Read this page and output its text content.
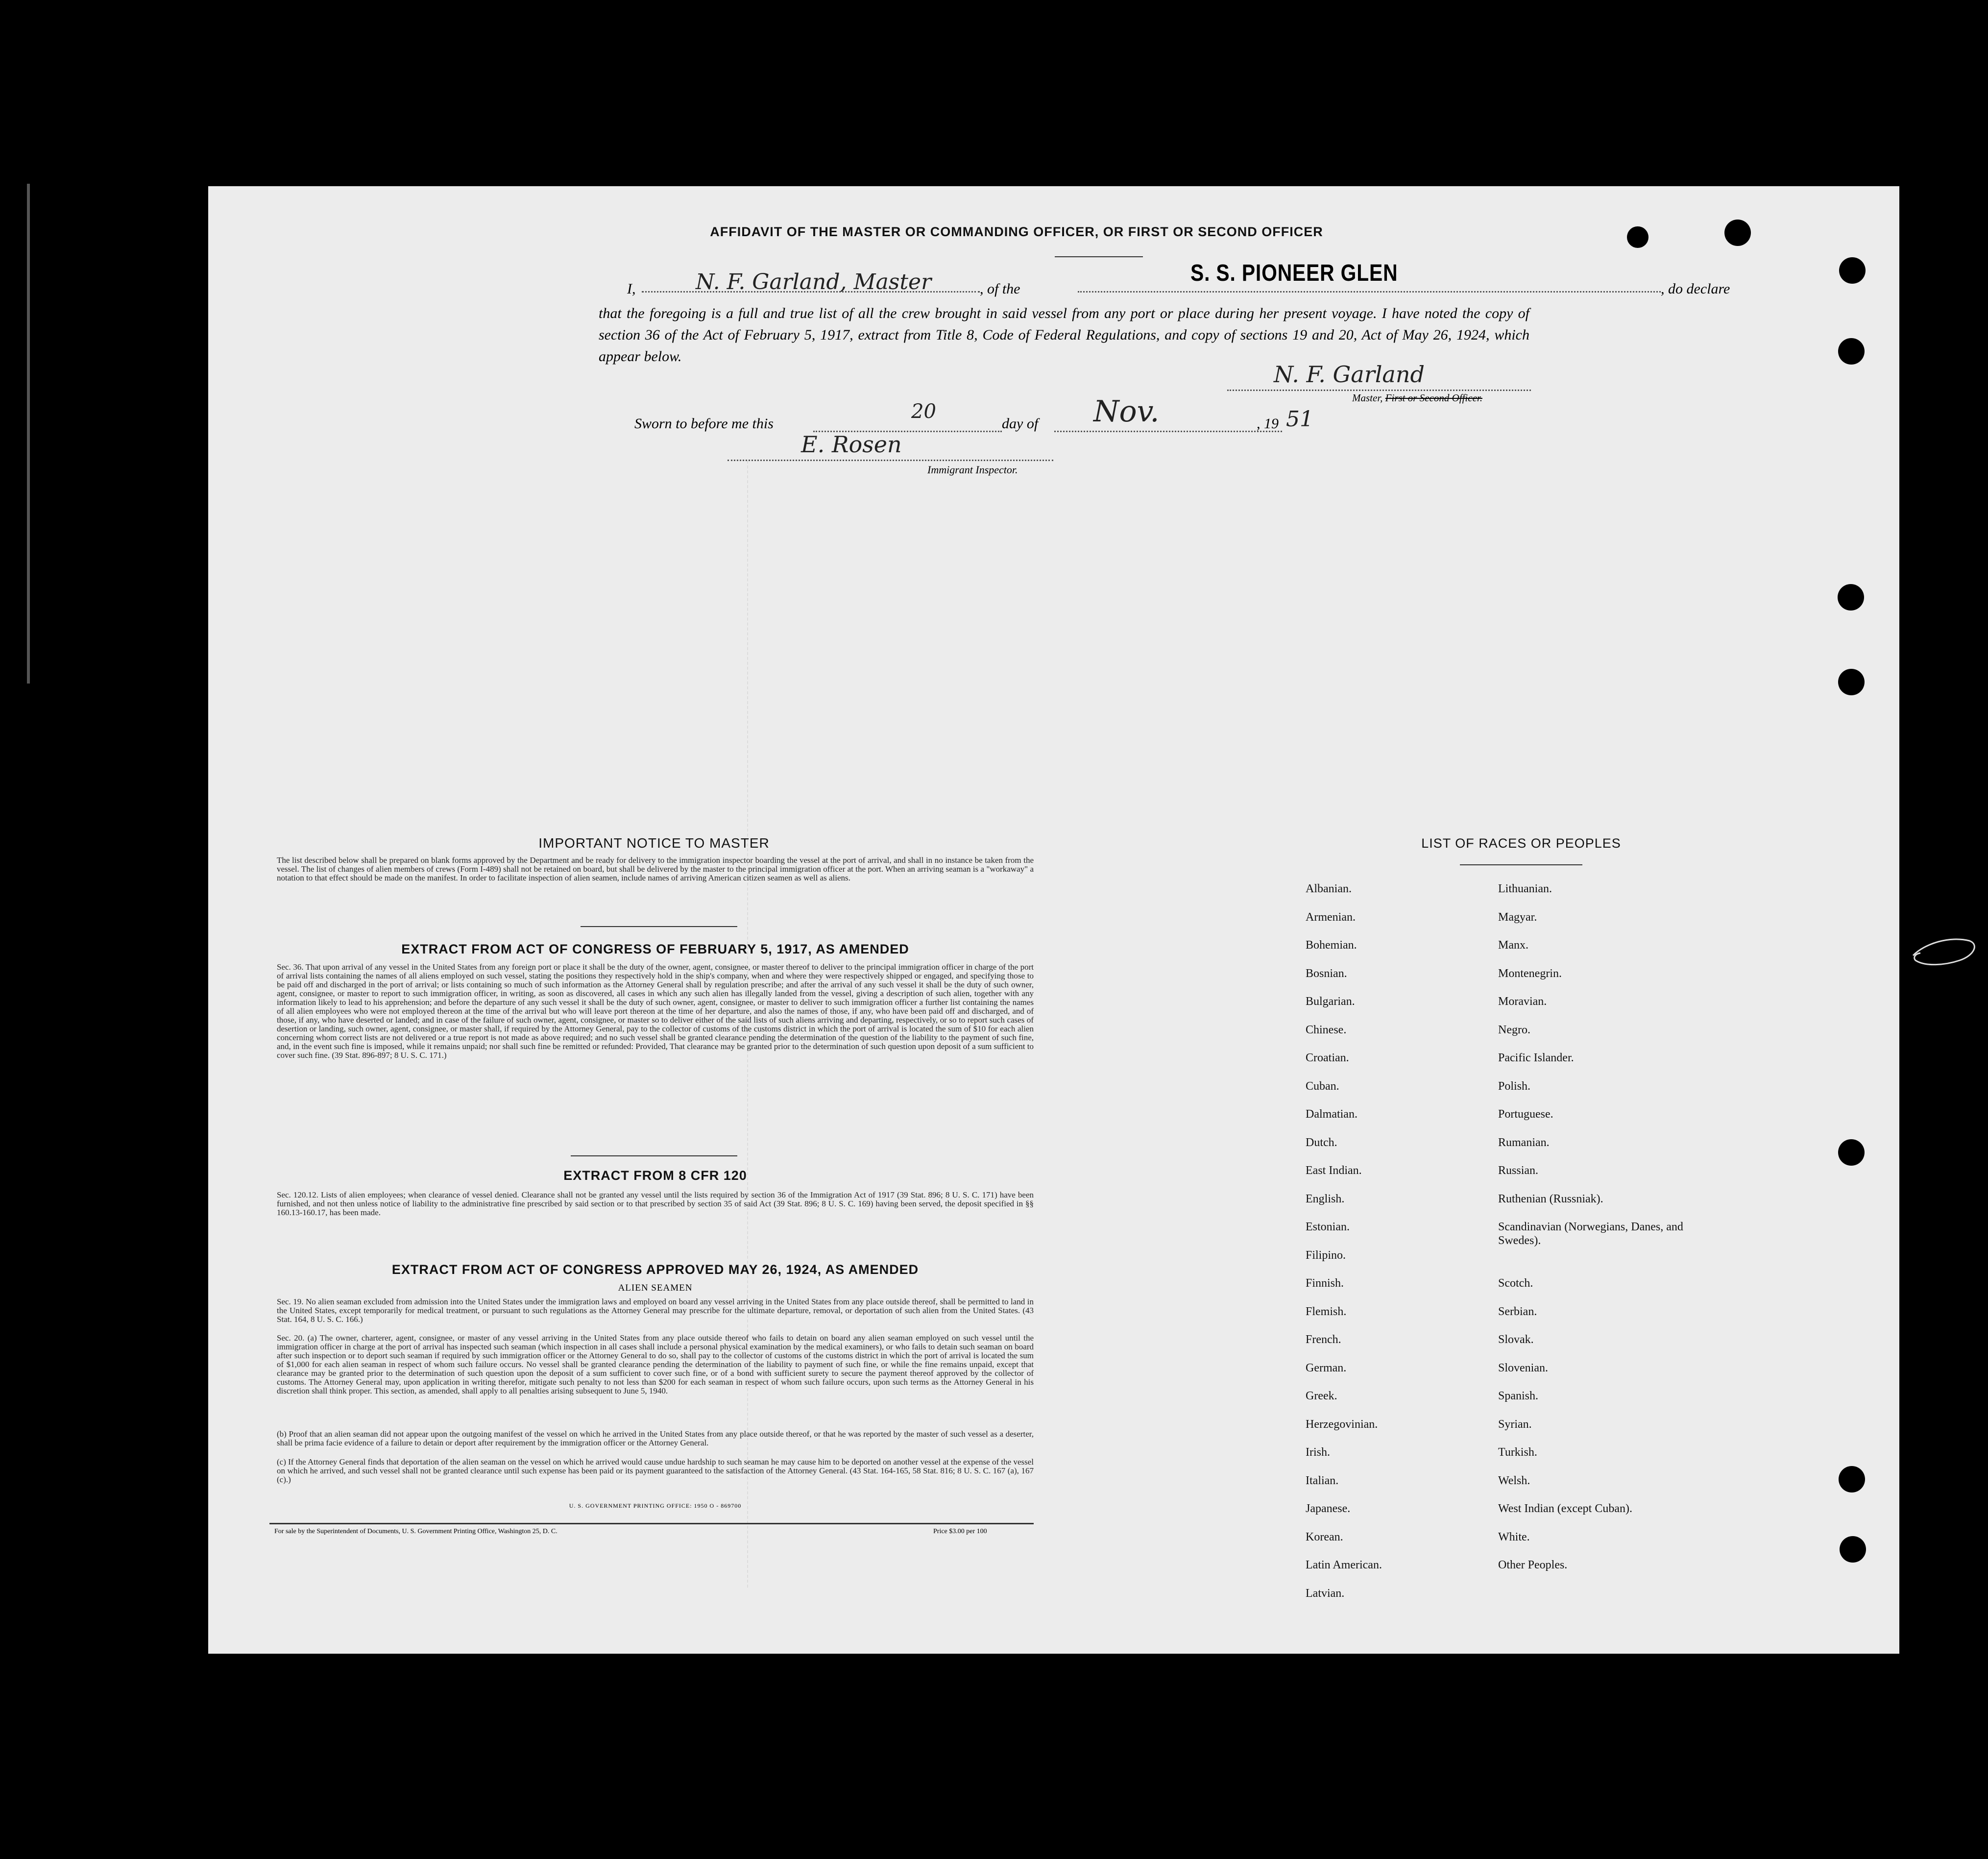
AFFIDAVIT OF THE MASTER OR COMMANDING OFFICER, OR FIRST OR SECOND OFFICER
I,	N. F. Garland, Master	, of the
S. S. PIONEER GLEN
, do declare
that the foregoing is a full and true list of all the crew brought in said vessel from any port or place during her present voyage. I have noted the copy of section 36 of the Act of February 5, 1917, extract from Title 8, Code of Federal Regulations, and copy of sections 19 and 20, Act of May 26, 1924, which appear below.
N. F. Garland
Master, First or Second Officer.
Sworn to before me this
20
day of Nov.	, 19 51
E. Rosen
Immigrant Inspector.
IMPORTANT NOTICE TO MASTER
The list described below shall be prepared on blank forms approved by the Department and be ready for delivery to the immigration inspector boarding the vessel at the port of arrival, and shall in no instance be taken from the vessel. The list of changes of alien members of crews (Form I-489) shall not be retained on board, but shall be delivered by the master to the principal immigration officer at the port. When an arriving seaman is a "workaway" a notation to that effect should be made on the manifest. In order to facilitate inspection of alien seamen, include names of arriving American citizen seamen as well as aliens.
EXTRACT FROM ACT OF CONGRESS OF FEBRUARY 5, 1917, AS AMENDED
Sec. 36. That upon arrival of any vessel in the United States from any foreign port or place it shall be the duty of the owner, agent, consignee, or master thereof to deliver to the principal immigration officer in charge of the port of arrival lists containing the names of all aliens employed on such vessel, stating the positions they respectively hold in the ship's company, when and where they were respectively shipped or engaged, and specifying those to be paid off and discharged in the port of arrival; or lists containing so much of such information as the Attorney General shall by regulation prescribe; and after the arrival of any such vessel it shall be the duty of such owner, agent, consignee, or master to report to such immigration officer, in writing, as soon as discovered, all cases in which any such alien has illegally landed from the vessel, giving a description of such alien, together with any information likely to lead to his apprehension; and before the departure of any such vessel it shall be the duty of such owner, agent, consignee, or master to deliver to such immigration officer a further list containing the names of all alien employees who were not employed thereon at the time of the arrival but who will leave port thereon at the time of her departure, and also the names of those, if any, who have been paid off and discharged, and of those, if any, who have deserted or landed; and in case of the failure of such owner, agent, consignee, or master so to deliver either of the said lists of such aliens arriving and departing, respectively, or so to report such cases of desertion or landing, such owner, agent, consignee, or master shall, if required by the Attorney General, pay to the collector of customs of the customs district in which the port of arrival is located the sum of $10 for each alien concerning whom correct lists are not delivered or a true report is not made as above required; and no such vessel shall be granted clearance pending the determination of the question of the liability to the payment of such fine, and, in the event such fine is imposed, while it remains unpaid; nor shall such fine be remitted or refunded: Provided, That clearance may be granted prior to the determination of such question upon deposit of a sum sufficient to cover such fine. (39 Stat. 896-897; 8 U. S. C. 171.)
EXTRACT FROM 8 CFR 120
Sec. 120.12. Lists of alien employees; when clearance of vessel denied. Clearance shall not be granted any vessel until the lists required by section 36 of the Immigration Act of 1917 (39 Stat. 896; 8 U. S. C. 171) have been furnished, and not then unless notice of liability to the administrative fine prescribed by said section or to that prescribed by section 35 of said Act (39 Stat. 896; 8 U. S. C. 169) having been served, the deposit specified in §§ 160.13-160.17, has been made.
EXTRACT FROM ACT OF CONGRESS APPROVED MAY 26, 1924, AS AMENDED
ALIEN SEAMEN
Sec. 19. No alien seaman excluded from admission into the United States under the immigration laws and employed on board any vessel arriving in the United States from any place outside thereof, shall be permitted to land in the United States, except temporarily for medical treatment, or pursuant to such regulations as the Attorney General may prescribe for the ultimate departure, removal, or deportation of such alien from the United States. (43 Stat. 164, 8 U. S. C. 166.)
Sec. 20. (a) The owner, charterer, agent, consignee, or master of any vessel arriving in the United States from any place outside thereof who fails to detain on board any alien seaman employed on such vessel until the immigration officer in charge at the port of arrival has inspected such seaman (which inspection in all cases shall include a personal physical examination by the medical examiners), or who fails to detain such seaman on board after such inspection or to deport such seaman if required by such immigration officer or the Attorney General to do so, shall pay to the collector of customs of the customs district in which the port of arrival is located the sum of $1,000 for each alien seaman in respect of whom such failure occurs. No vessel shall be granted clearance pending the determination of the liability to payment of such fine, or while the fine remains unpaid, except that clearance may be granted prior to the determination of such question upon the deposit of a sum sufficient to cover such fine, or of a bond with sufficient surety to secure the payment thereof approved by the collector of customs. The Attorney General may, upon application in writing therefor, mitigate such penalty to not less than $200 for each seaman in respect of whom such failure occurs, upon such terms as the Attorney General in his discretion shall think proper. This section, as amended, shall apply to all penalties arising subsequent to June 5, 1940.
(b) Proof that an alien seaman did not appear upon the outgoing manifest of the vessel on which he arrived in the United States from any place outside thereof, or that he was reported by the master of such vessel as a deserter, shall be prima facie evidence of a failure to detain or deport after requirement by the immigration officer or the Attorney General.
(c) If the Attorney General finds that deportation of the alien seaman on the vessel on which he arrived would cause undue hardship to such seaman he may cause him to be deported on another vessel at the expense of the vessel on which he arrived, and such vessel shall not be granted clearance until such expense has been paid or its payment guaranteed to the satisfaction of the Attorney General. (43 Stat. 164-165, 58 Stat. 816; 8 U. S. C. 167 (a), 167 (c).)
U. S. GOVERNMENT PRINTING OFFICE: 1950 O - 869700
For sale by the Superintendent of Documents, U. S. Government Printing Office, Washington 25, D. C.	Price $3.00 per 100
LIST OF RACES OR PEOPLES
Albanian.
Armenian.
Bohemian.
Bosnian.
Bulgarian.
Chinese.
Croatian.
Cuban.
Dalmatian.
Dutch.
East Indian.
English.
Estonian.
Filipino.
Finnish.
Flemish.
French.
German.
Greek.
Herzegovinian.
Irish.
Italian.
Japanese.
Korean.
Latin American.
Latvian.
Lithuanian.
Magyar.
Manx.
Montenegrin.
Moravian.
Negro.
Pacific Islander.
Polish.
Portuguese.
Rumanian.
Russian.
Ruthenian (Russniak).
Scandinavian (Norwegians, Danes, and Swedes).
Scotch.
Serbian.
Slovak.
Slovenian.
Spanish.
Syrian.
Turkish.
Welsh.
West Indian (except Cuban).
White.
Other Peoples.
